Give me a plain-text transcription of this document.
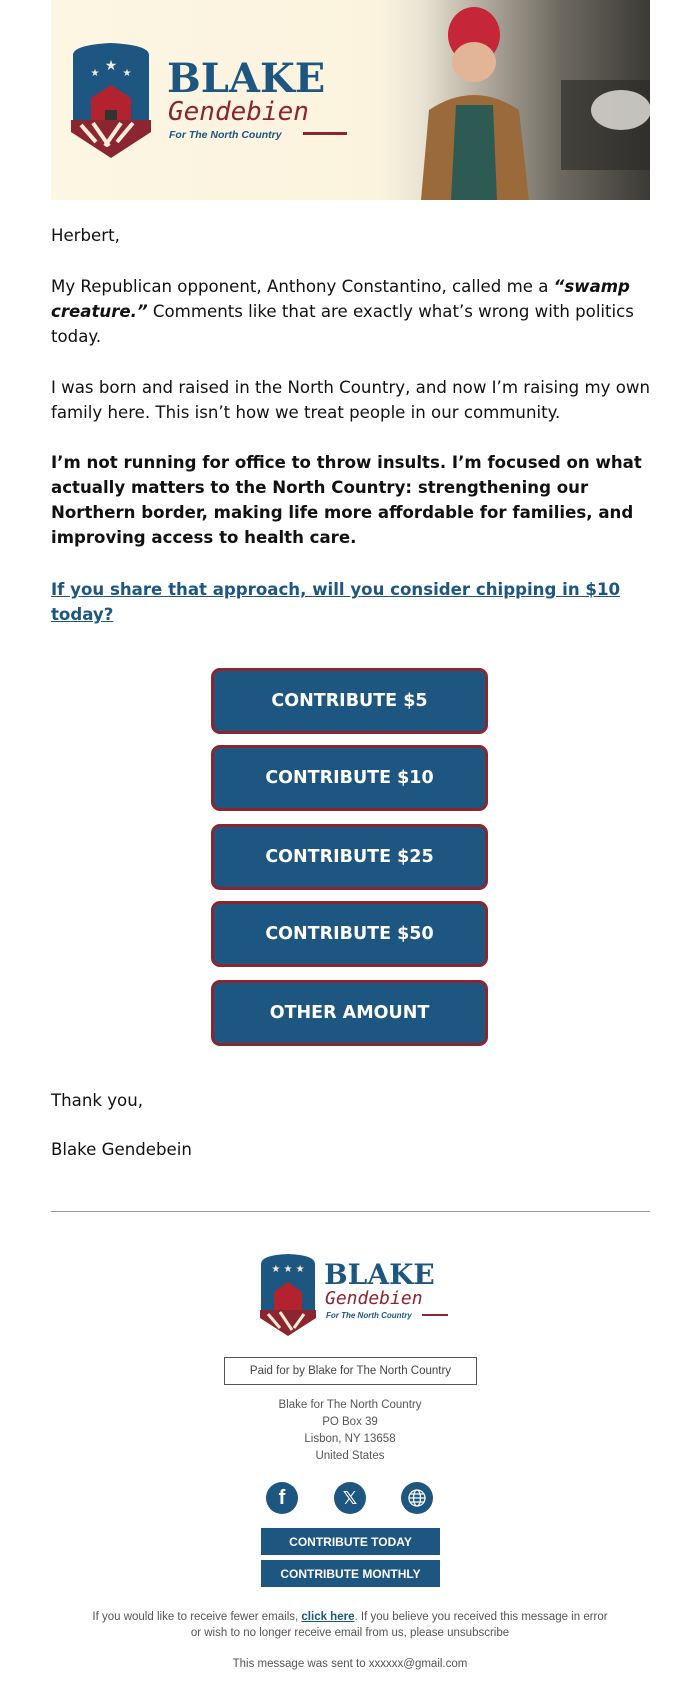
★
★ ★ BLAKE
Gendebien
For The North Country
Herbert,
My Republican opponent, Anthony Constantino, called me a “swamp creature.” Comments like that are exactly what’s wrong with politics today.
I was born and raised in the North Country, and now I’m raising my own family here. This isn’t how we treat people in our community.
I’m not running for office to throw insults. I’m focused on what actually matters to the North Country: strengthening our Northern border, making life more affordable for families, and improving access to health care.
If you share that approach, will you consider chipping in $10 today?
CONTRIBUTE $5
CONTRIBUTE $10
CONTRIBUTE $25
CONTRIBUTE $50
OTHER AMOUNT
Thank you,
Blake Gendebein
★ ★ ★ BLAKE
Gendebien
For The North Country
Paid for by Blake for The North Country
Blake for The North Country
PO Box 39
Lisbon, NY 13658
United States
f	𝕏
CONTRIBUTE TODAY
CONTRIBUTE MONTHLY
If you would like to receive fewer emails, click here. If you believe you received this message in error or wish to no longer receive email from us, please unsubscribe
This message was sent to xxxxxx@gmail.com
